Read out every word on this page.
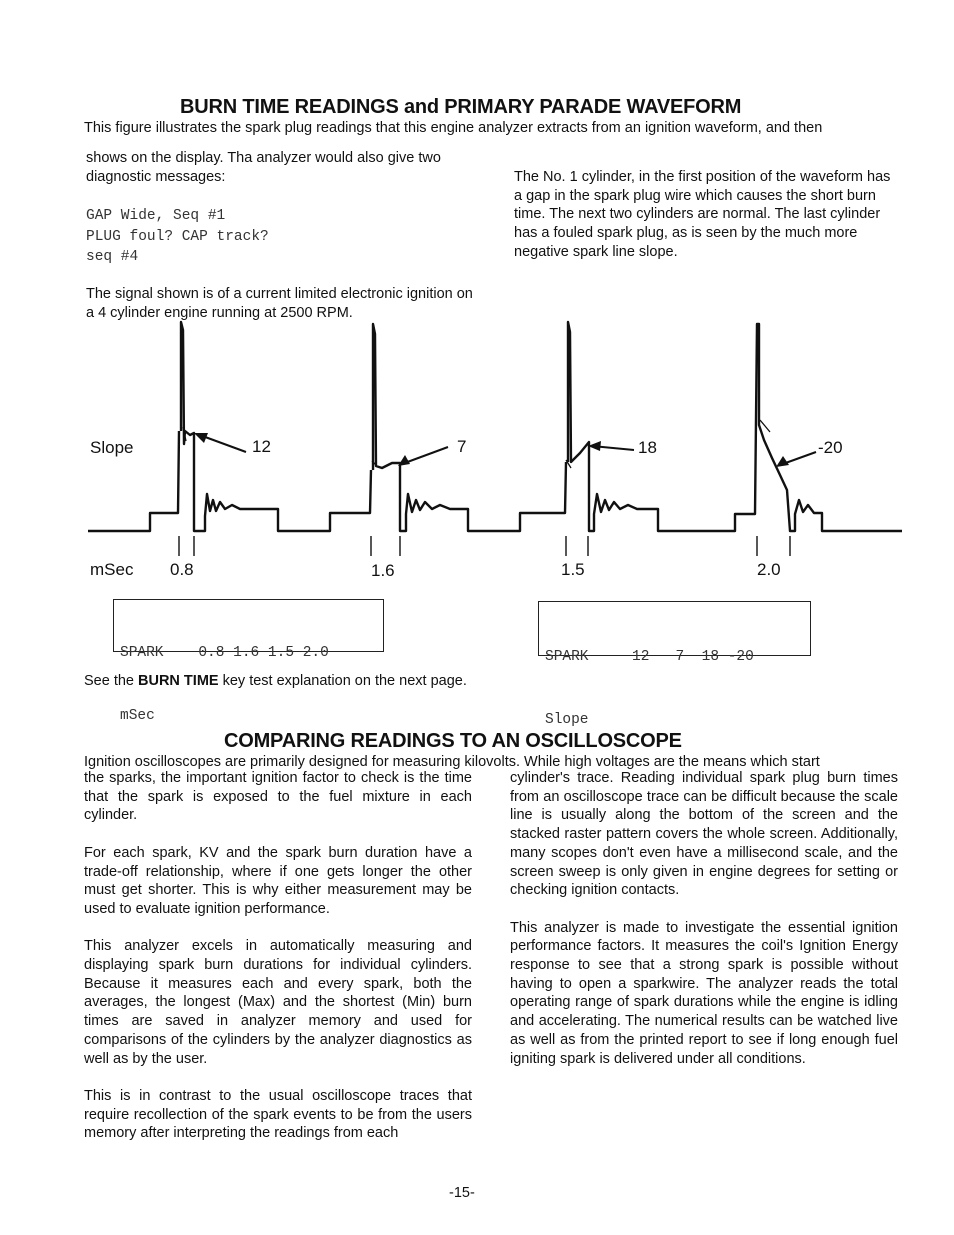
BURN TIME READINGS and PRIMARY PARADE WAVEFORM
This figure illustrates the spark plug readings that this engine analyzer extracts from an ignition waveform, and then
shows on the display. Tha analyzer would also give two diagnostic messages:
GAP Wide, Seq #1
PLUG foul? CAP track?
seq #4
The signal shown is of a current limited electronic ignition on a 4 cylinder engine running at 2500 RPM.
The No. 1 cylinder, in the first position of the waveform has a gap in the spark plug wire which causes the short burn time. The next two cylinders are normal. The last cylinder has a fouled spark plug, as is seen by the much more negative spark line slope.
Slope	12	7	18	-20
mSec 0.8	1.6	1.5	2.0

SPARK    0.8 1.6 1.5 2.0

mSec

SPARK     12   7  18 -20

Slope

See the BURN TIME key test explanation on the next page.
COMPARING READINGS TO AN OSCILLOSCOPE
Ignition oscilloscopes are primarily designed for measuring kilovolts. While high voltages are the means which start

the sparks, the important ignition factor to check is the time that the spark is exposed to the fuel mixture in each cylinder.

For each spark, KV and the spark burn duration have a trade-off relationship, where if one gets longer the other must get shorter. This is why either measurement may be used to evaluate ignition performance.

This analyzer excels in automatically measuring and displaying spark burn durations for individual cylinders. Because it measures each and every spark, both the averages, the longest (Max) and the shortest (Min) burn times are saved in analyzer memory and used for comparisons of the cylinders by the analyzer diagnostics as well as by the user.

This is in contrast to the usual oscilloscope traces that require recollection of the spark events to be from the users memory after interpreting the readings from each

cylinder's trace. Reading individual spark plug burn times from an oscilloscope trace can be difficult because the scale line is usually along the bottom of the screen and the stacked raster pattern covers the whole screen. Additionally, many scopes don't even have a millisecond scale, and the screen sweep is only given in engine degrees for setting or checking ignition contacts.

This analyzer is made to investigate the essential ignition performance factors. It measures the coil's Ignition Energy response to see that a strong spark is possible without having to open a sparkwire. The analyzer reads the total operating range of spark durations while the engine is idling and accelerating. The numerical results can be watched live as well as from the printed report to see if long enough fuel igniting spark is delivered under all conditions.

-15-
